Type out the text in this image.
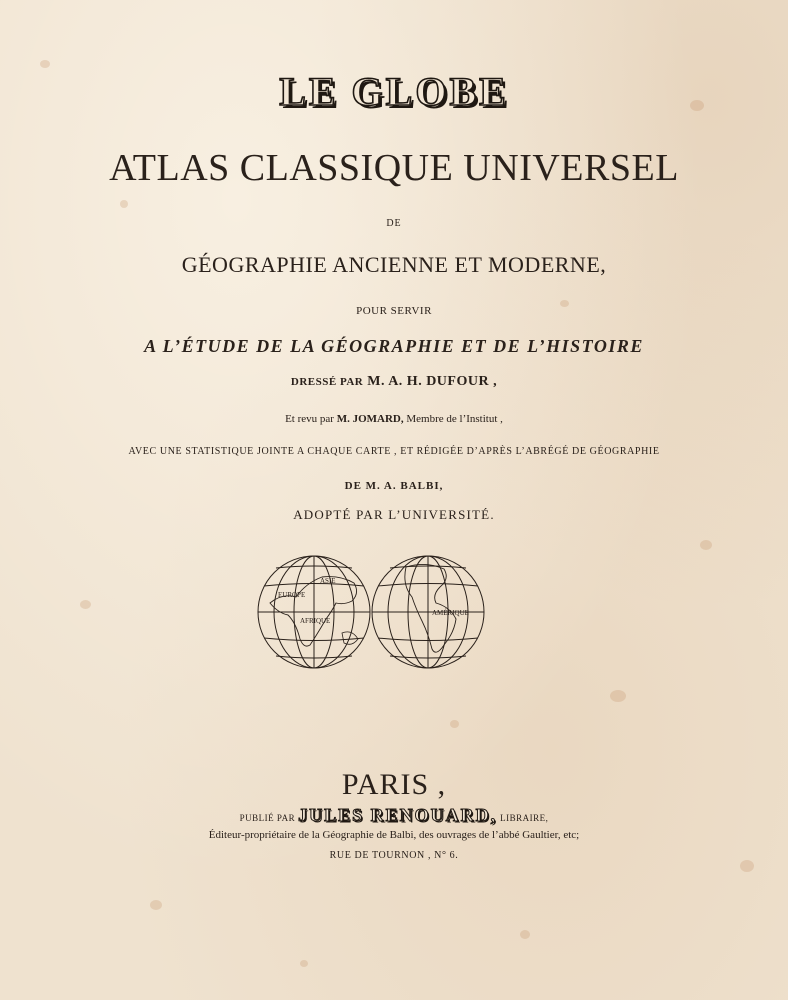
LE GLOBE
ATLAS CLASSIQUE UNIVERSEL
DE
GÉOGRAPHIE ANCIENNE ET MODERNE,
POUR SERVIR
A L’ÉTUDE DE LA GÉOGRAPHIE ET DE L’HISTOIRE
DRESSÉ PAR M. A. H. DUFOUR ,
Et revu par M. JOMARD, Membre de l’Institut ,
AVEC UNE STATISTIQUE JOINTE A CHAQUE CARTE , ET RÉDIGÉE D’APRÈS L’ABRÉGÉ DE GÉOGRAPHIE
DE M. A. BALBI,
ADOPTÉ PAR L’UNIVERSITÉ.
ASIE
AFRIQUE
EUROPE
AMÉRIQUE
PARIS ,
PUBLIÉ PAR JULES RENOUARD, LIBRAIRE,
Éditeur-propriétaire de la Géographie de Balbi, des ouvrages de l’abbé Gaultier, etc;
RUE DE TOURNON , N° 6.
